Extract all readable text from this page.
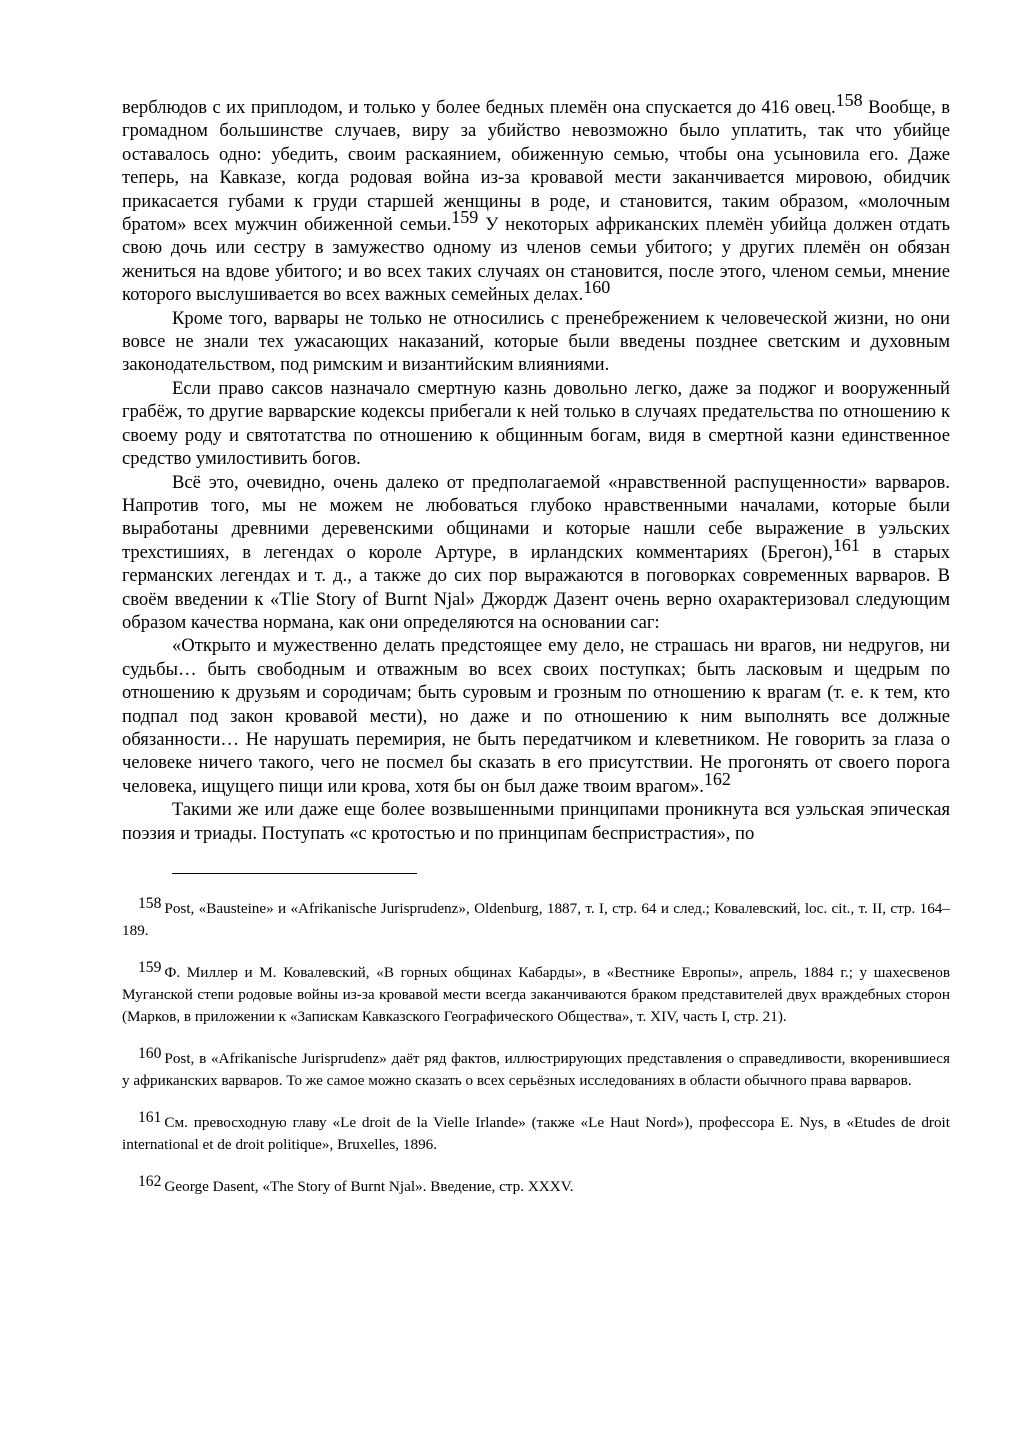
верблюдов с их приплодом, и только у более бедных племён она спускается до 416 овец.$^{158}$ Вообще, в громадном большинстве случаев, виру за убийство невозможно было уплатить, так что убийце оставалось одно: убедить, своим раскаянием, обиженную семью, чтобы она усыновила его. Даже теперь, на Кавказе, когда родовая война из-за кровавой мести заканчивается мировою, обидчик прикасается губами к груди старшей женщины в роде, и становится, таким образом, «молочным братом» всех мужчин обиженной семьи.$^{159}$ У некоторых африканских племён убийца должен отдать свою дочь или сестру в замужество одному из членов семьи убитого; у других племён он обязан жениться на вдове убитого; и во всех таких случаях он становится, после этого, членом семьи, мнение которого выслушивается во всех важных семейных делах.$^{160}$

Кроме того, варвары не только не относились с пренебрежением к человеческой жизни, но они вовсе не знали тех ужасающих наказаний, которые были введены позднее светским и духовным законодательством, под римским и византийским влияниями.

Если право саксов назначало смертную казнь довольно легко, даже за поджог и вооруженный грабёж, то другие варварские кодексы прибегали к ней только в случаях предательства по отношению к своему роду и святотатства по отношению к общинным богам, видя в смертной казни единственное средство умилостивить богов.

Всё это, очевидно, очень далеко от предполагаемой «нравственной распущенности» варваров. Напротив того, мы не можем не любоваться глубоко нравственными началами, которые были выработаны древними деревенскими общинами и которые нашли себе выражение в уэльских трехстишиях, в легендах о короле Артуре, в ирландских комментариях (Брегон),$^{161}$ в старых германских легендах и т. д., а также до сих пор выражаются в поговорках современных варваров. В своём введении к «Tlie Story of Burnt Njal» Джордж Дазент очень верно охарактеризовал следующим образом качества нормана, как они определяются на основании саг:

«Открыто и мужественно делать предстоящее ему дело, не страшась ни врагов, ни недругов, ни судьбы… быть свободным и отважным во всех своих поступках; быть ласковым и щедрым по отношению к друзьям и сородичам; быть суровым и грозным по отношению к врагам (т. е. к тем, кто подпал под закон кровавой мести), но даже и по отношению к ним выполнять все должные обязанности… Не нарушать перемирия, не быть передатчиком и клеветником. Не говорить за глаза о человеке ничего такого, чего не посмел бы сказать в его присутствии. Не прогонять от своего порога человека, ищущего пищи или крова, хотя бы он был даже твоим врагом».$^{162}$

Такими же или даже еще более возвышенными принципами проникнута вся уэльская эпическая поэзия и триады. Поступать «с кротостью и по принципам беспристрастия», по

$^{158}$ Post, «Bausteine» и «Afrikanische Jurisprudenz», Oldenburg, 1887, т. I, стр. 64 и след.; Ковалевский, loc. cit., т. II, стр. 164–189.

$^{159}$ Ф. Миллер и М. Ковалевский, «В горных общинах Кабарды», в «Вестнике Европы», апрель, 1884 г.; у шахесвенов Муганской степи родовые войны из-за кровавой мести всегда заканчиваются браком представителей двух враждебных сторон (Марков, в приложении к «Запискам Кавказского Географического Общества», т. XIV, часть I, стр. 21).

$^{160}$ Post, в «Afrikanische Jurisprudenz» даёт ряд фактов, иллюстрирующих представления о справедливости, вкоренившиеся у африканских варваров. То же самое можно сказать о всех серьёзных исследованиях в области обычного права варваров.

$^{161}$ См. превосходную главу «Le droit de la Vielle Irlande» (также «Le Haut Nord»), профессора E. Nys, в «Etudes de droit international et de droit politique», Bruxelles, 1896.

$^{162}$ George Dasent, «The Story of Burnt Njal». Введение, стр. XXXV.
